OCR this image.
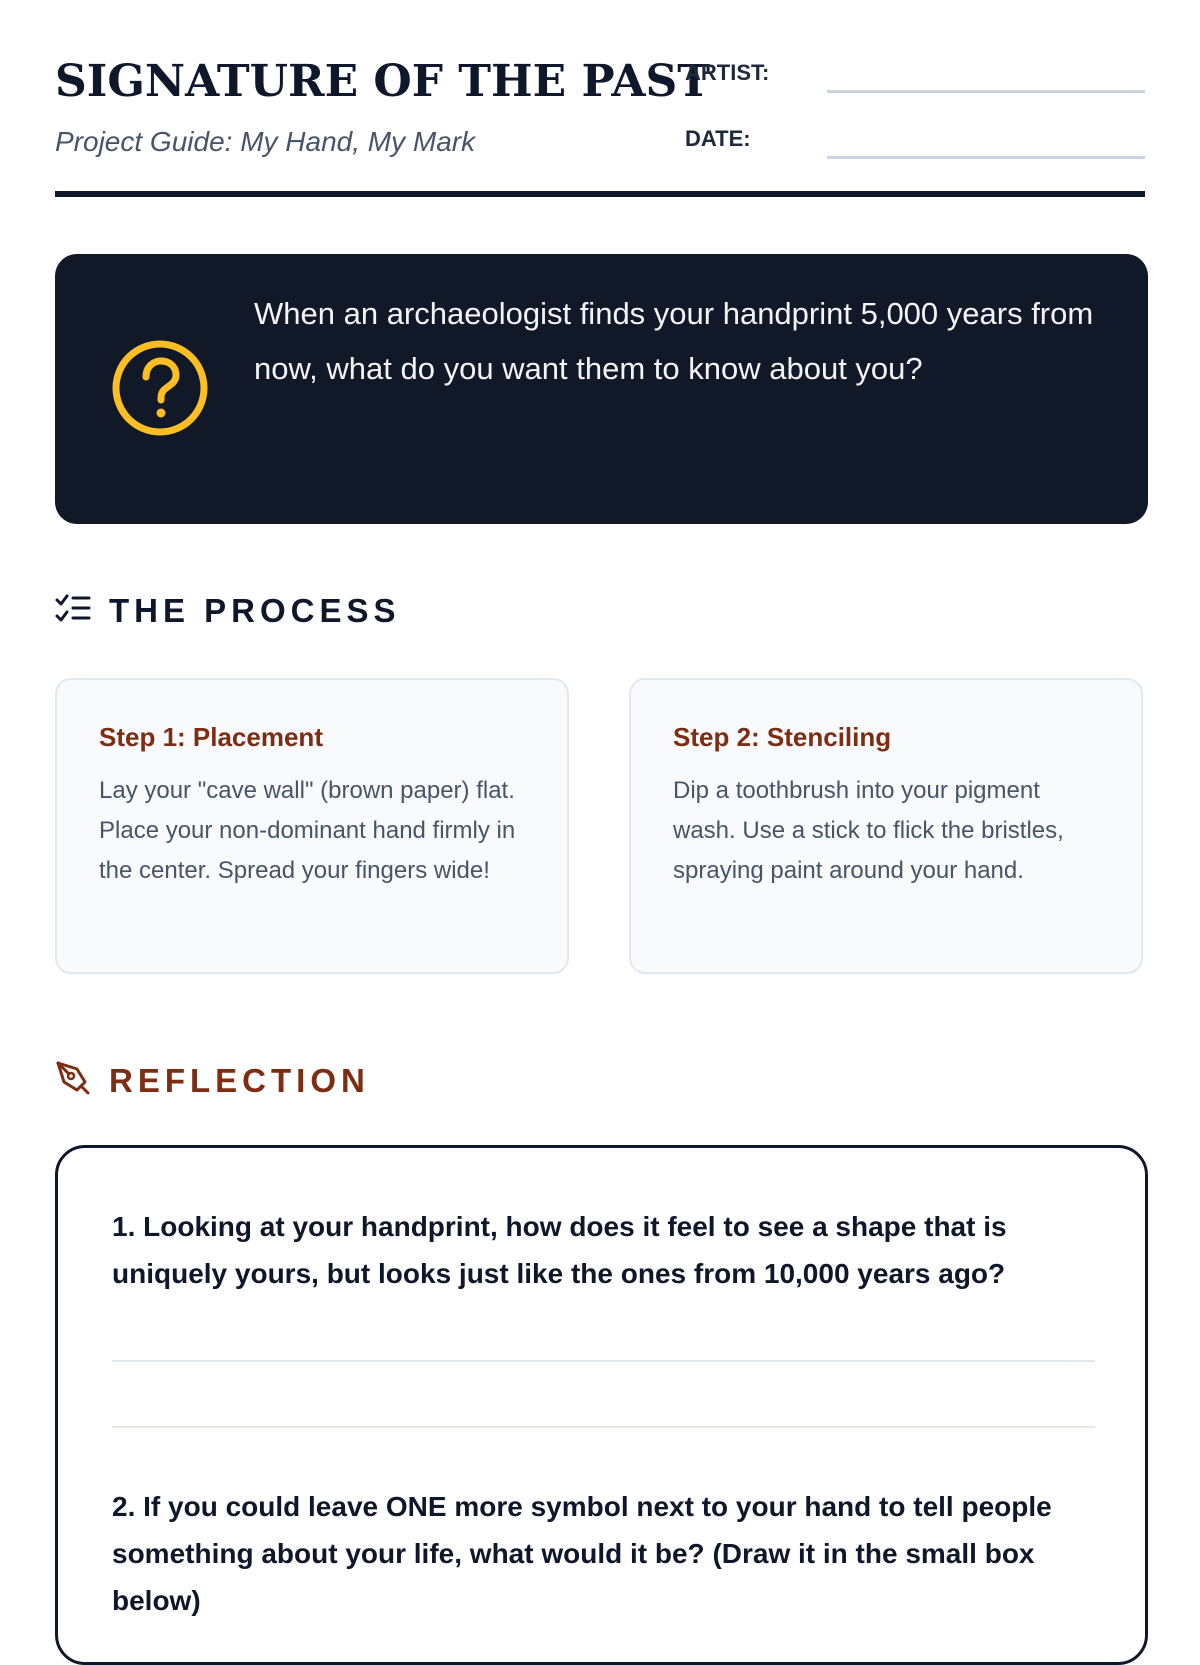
SIGNATURE OF THE PAST
Project Guide: My Hand, My Mark
ARTIST:
DATE:
When an archaeologist finds your handprint 5,000 years from now, what do you want them to know about you?
THE PROCESS
Step 1: Placement
Lay your "cave wall" (brown paper) flat. Place your non-dominant hand firmly in the center. Spread your fingers wide!
Step 2: Stenciling
Dip a toothbrush into your pigment wash. Use a stick to flick the bristles, spraying paint around your hand.
REFLECTION
1. Looking at your handprint, how does it feel to see a shape that is uniquely yours, but looks just like the ones from 10,000 years ago?
2. If you could leave ONE more symbol next to your hand to tell people something about your life, what would it be? (Draw it in the small box below)
